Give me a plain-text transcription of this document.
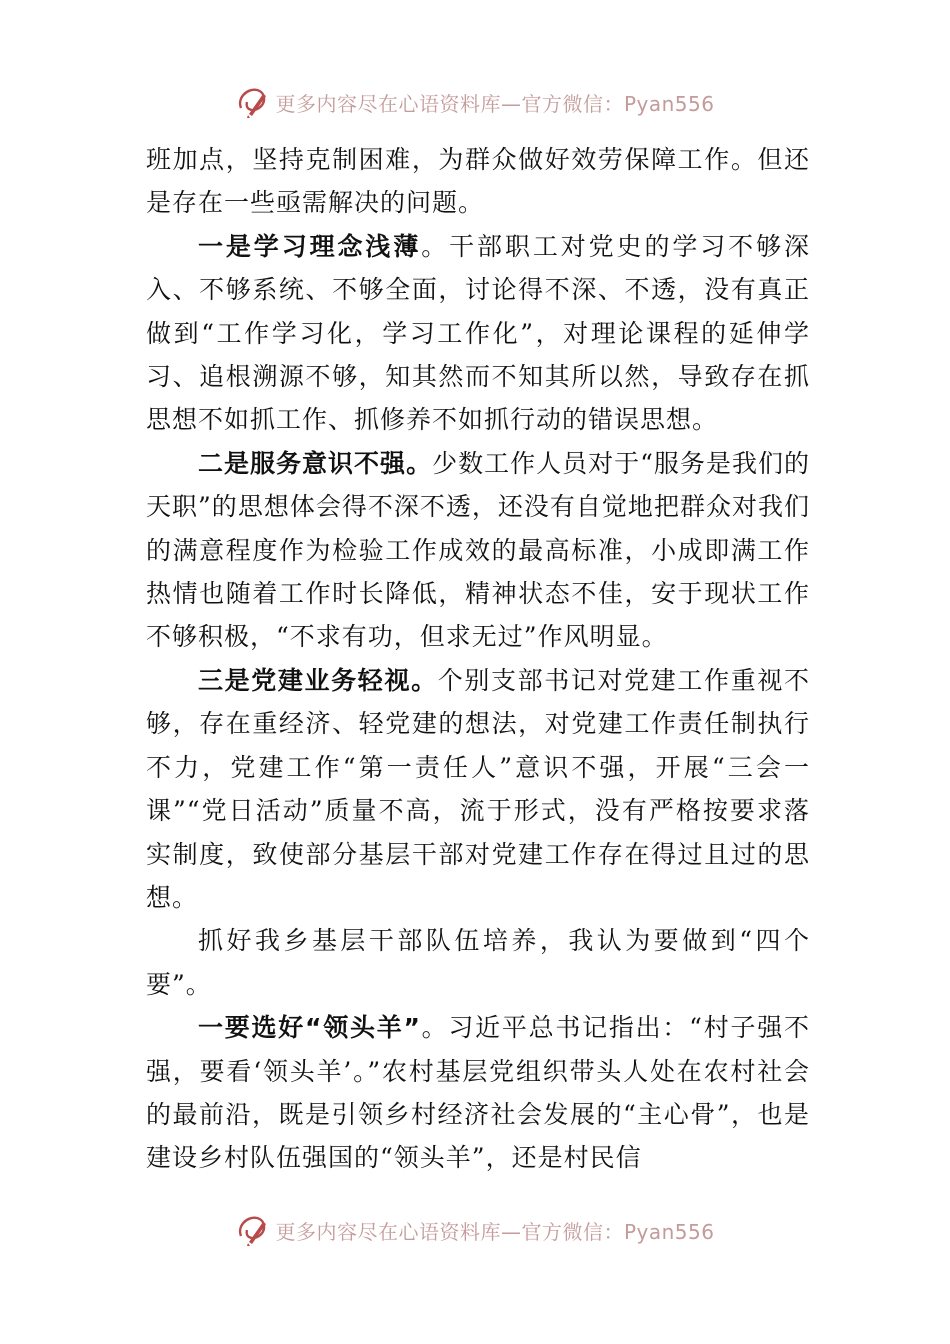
更多内容尽在心语资料库—官方微信：Pyan556

班加点，坚持克制困难，为群众做好效劳保障工作。但还是存在一些亟需解决的问题。

一是学习理念浅薄。干部职工对党史的学习不够深入、不够系统、不够全面，讨论得不深、不透，没有真正做到“工作学习化，学习工作化”，对理论课程的延伸学习、追根溯源不够，知其然而不知其所以然，导致存在抓思想不如抓工作、抓修养不如抓行动的错误思想。

二是服务意识不强。少数工作人员对于“服务是我们的天职”的思想体会得不深不透，还没有自觉地把群众对我们的满意程度作为检验工作成效的最高标准，小成即满工作热情也随着工作时长降低，精神状态不佳，安于现状工作不够积极，“不求有功，但求无过”作风明显。

三是党建业务轻视。个别支部书记对党建工作重视不够，存在重经济、轻党建的想法，对党建工作责任制执行不力，党建工作“第一责任人”意识不强，开展“三会一课”“党日活动”质量不高，流于形式，没有严格按要求落实制度，致使部分基层干部对党建工作存在得过且过的思想。

抓好我乡基层干部队伍培养，我认为要做到“四个要”。

一要选好“领头羊”。习近平总书记指出：“村子强不强，要看‘领头羊’。”农村基层党组织带头人处在农村社会的最前沿，既是引领乡村经济社会发展的“主心骨”，也是建设乡村队伍强国的“领头羊”，还是村民信

更多内容尽在心语资料库—官方微信：Pyan556
